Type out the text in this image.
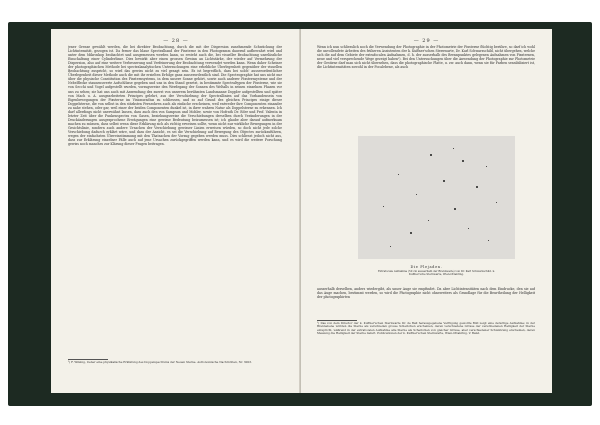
— 28 —

jener Grenze gewählt werden, die bei direkter Beobachtung, durch die mit der Dispersion zunehmende Schwächung der Lichtintensität, gezogen ist. Da ferner das blaue Spectralband der Fixsterne in den Photogramm dauernd aufbewahrt wird und unter dem Mikroskop beobachtet und ausgemessen werden kann, so ersteht auch die, bei visueller Beobachtung unerlässliche Einschaltung einer Cylinderlinse. Dies bewirkt aber einen grossen Gewinn an Lichtstärke, der wieder auf Vermehrung der Dispersion, also auf eine weitere Verbesserung und Verfeinerung der Beobachtung verwendet werden kann. Wenn daher Scheiner der photographischen Methode bei spectralanalytischen Untersuchungen eine erhebliche Überlegenheit gegenüber der visuellen Beobachtung zuspricht, so wird das gewiss nicht zu viel gesagt sein. Es ist begreiflich, dass bei solch' ausserordentlicher Überlegenheit dieser Methode auch die mit ihr erzielten Erfolge ganz ausserordentlich sind. Die Spectrographie hat uns nicht nur über die physische Constitution des Fixsternsystems, in dem unsere Sonne gehört, sowie auch anderer Fixsternsysteme und der Nebelflecke staunenswerte Aufschlüsse gegeben und uns in den Stand gesetzt, in bestimmte Spectraltypen der Fixsterne, wie sie von Secchi und Vogel aufgestellt wurden, vorzugsweise den Werdegang der Sonnen des Weltalls in seinen einzelnen Phasen vor uns zu sehen; sie hat uns auch mit Anwendung des zuerst von unserem berühmten Landsmanne Doppler aufgestellten und später von Mach u. A. ausgearbeiteten Principes gelehrt, aus der Verschiebung der Spectrallinien auf das Vorhandensein von Eigenbewegungen der Fixsterne im Visionsradius zu schliessen, und so auf Grund des gleichen Principes einige dieser Doppelsterne, die von selbst in den stärksten Fernrohren auch als einfache erscheinen, weil entweder ihre Componenten einander zu nahe stehen, oder gar, weil einer der beiden Componenten dunkel ist, in ihrer wahren Natur als Doppelsterne zu erkennen. Ich darf allerdings nicht unerwähnt lassen, dass auch den von Sampson und Mohler, sowie von Hofrath Dr. Eder und Prof. Valenta in letzter Zeit über die Funkenspectra von Gasen, beziehungsweise die Verschiebungen derselben durch Veränderungen in der Druckänderungen ausgesprochene Erwägungen eine gewisse Bedeutung beizumessen ist; ich glaube aber darauf aufmerksam machen zu müssen, dass selbst wenn diese Erklärung sich als richtig erweisen sollte, wenn nicht nur wirkliche Bewegungen in der Gesichtslinie, sondern auch andere Ursachen der Verschiebung gewisser Linien erweisen würden, so doch nicht jede solche Verschiebung dadurch erklärt wäre, und dass der Ansicht, es sei die Verschiebung auf Bewegung des Objectes zurückzuführen, wegen der einfachsten Übereinstimmung mit den Thatsachen der Vorzug gegeben werden muss. Dies schliesst jedoch nicht aus, dass zur Erklärung einzelner Fälle auch auf jene Ursachen zurückgegriffen werden kann, und es wird die weitere Forschung gewiss noch manches zur Klärung dieser Fragen beitragen.

¹) F. Wilsing, Ueber eine physikalische Erklärung des Doppelspectrums der Neuen Sterne. Astronomische Nachrichten, Nr. 3003.
— 29 —
Wenn ich nun schliesslich noch die Verwendung der Photographie in der Photometrie der Fixsterne flüchtig berühre, so darf ich wohl die unvollendete Arbeiten des früheren Assistenten der k. Kuffner'schen Sternwarte, Dr. Karl Schwarzschild, nicht übergehen, welche sich die auf dem Gebiete der extrafocalen Aufnahmen, d. h. der ausserhalb des Brennpunktes gelegenen Aufnahmen von Fixsternen, neue und viel versprechende Wege gezeigt haben¹). Bei den Untersuchungen über die Anwendung der Photographie zur Photometrie der Gestirne darf man sich nicht übersehen, dass die photographische Platte, u. zw. auch dann, wenn sie für Farben sensibilisiert ist, die Lichtintensitäten sowohl in der Focalebene, als auch
Die Plejaden.
Extrafocale Aufnahme (50 cm ausserhalb der Brennweite) von Dr. Karl Schwarzschild. k. Kuffner'sche Sternwarte, Wien-Ottakring.
ausserhalb derselben, anders wiedergibt, als unser Auge sie empfindet. Da aber Lichtintensitäten nach dem Eindrucke, den sie auf das Auge machen, bestimmt werden, so wird die Photographie nicht ohneweiters als Grundlage für die Beurtheilung der Helligkeit der photographirten
¹) Das von dem Director der k. Kuffner'schen Sternwarte Dr. de Ball herausgegebene Verfügung gewollte Bild zeigt eine derartige Aufnahme; in der Brennebene würden die Sterne als verschieden grosse Scheibchen erscheinen, deren verschiedene Grösse der verschiedenen Helligkeit der Sterne entspricht, während in der extrafocalen Aufnahme alle Sterne als Scheibchen von gleicher Grösse, aber verschiedener Schwärzung erscheinen, deren Messung die Helligkeit der Sterne liefert. Publicationen der k. Kuffner'schen Sternwarte, Wien-Ottakring, V. Band.
